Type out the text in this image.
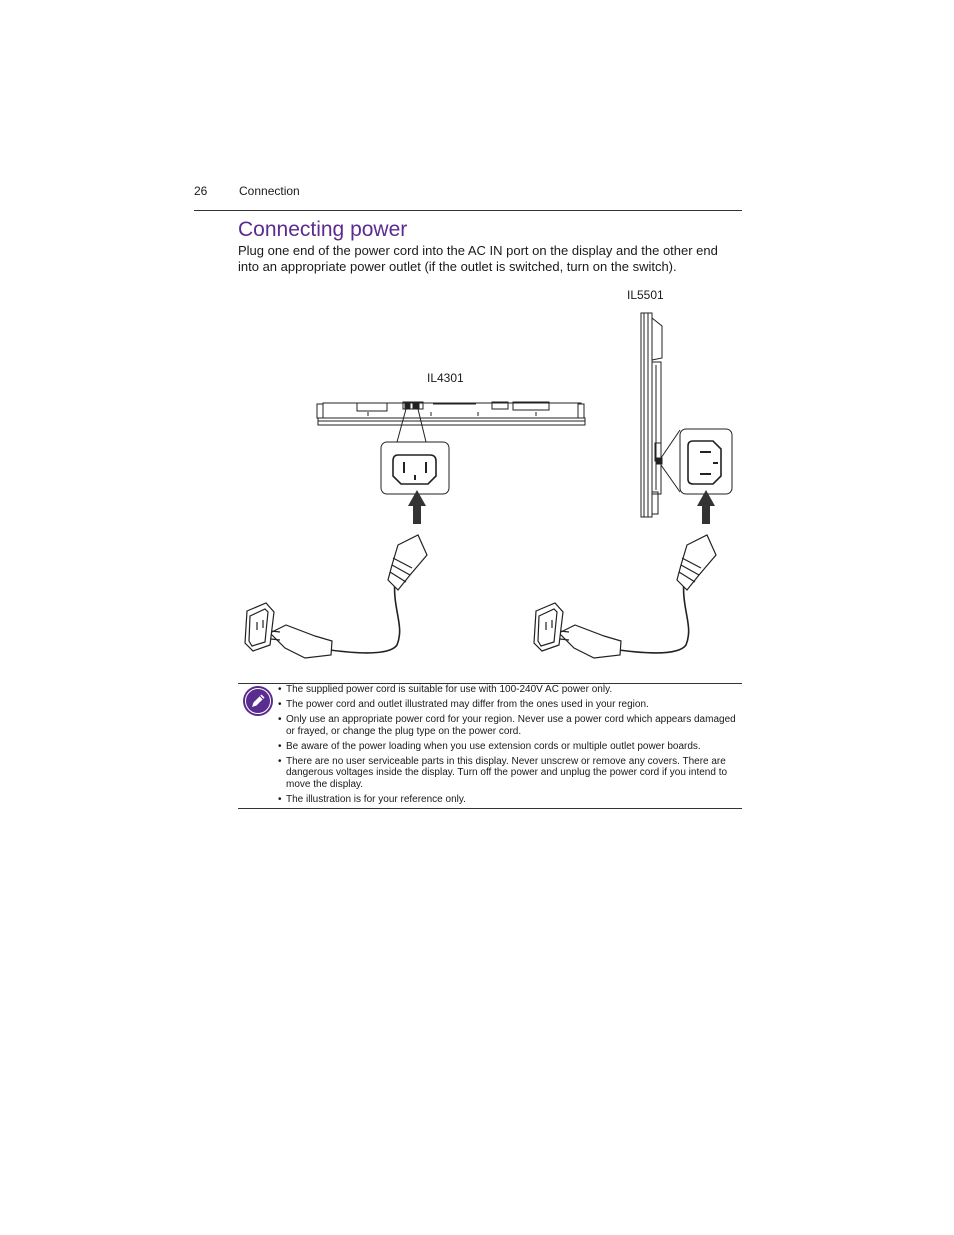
26	Connection
Connecting power

Plug one end of the power cord into the AC IN port on the display and the other end into an appropriate power outlet (if the outlet is switched, turn on the switch).

IL5501
IL4301
• The supplied power cord is suitable for use with 100-240V AC power only.
• The power cord and outlet illustrated may differ from the ones used in your region.
• Only use an appropriate power cord for your region. Never use a power cord which appears damaged or frayed, or change the plug type on the power cord.
• Be aware of the power loading when you use extension cords or multiple outlet power boards.
• There are no user serviceable parts in this display. Never unscrew or remove any covers. There are dangerous voltages inside the display. Turn off the power and unplug the power cord if you intend to move the display.
• The illustration is for your reference only.
